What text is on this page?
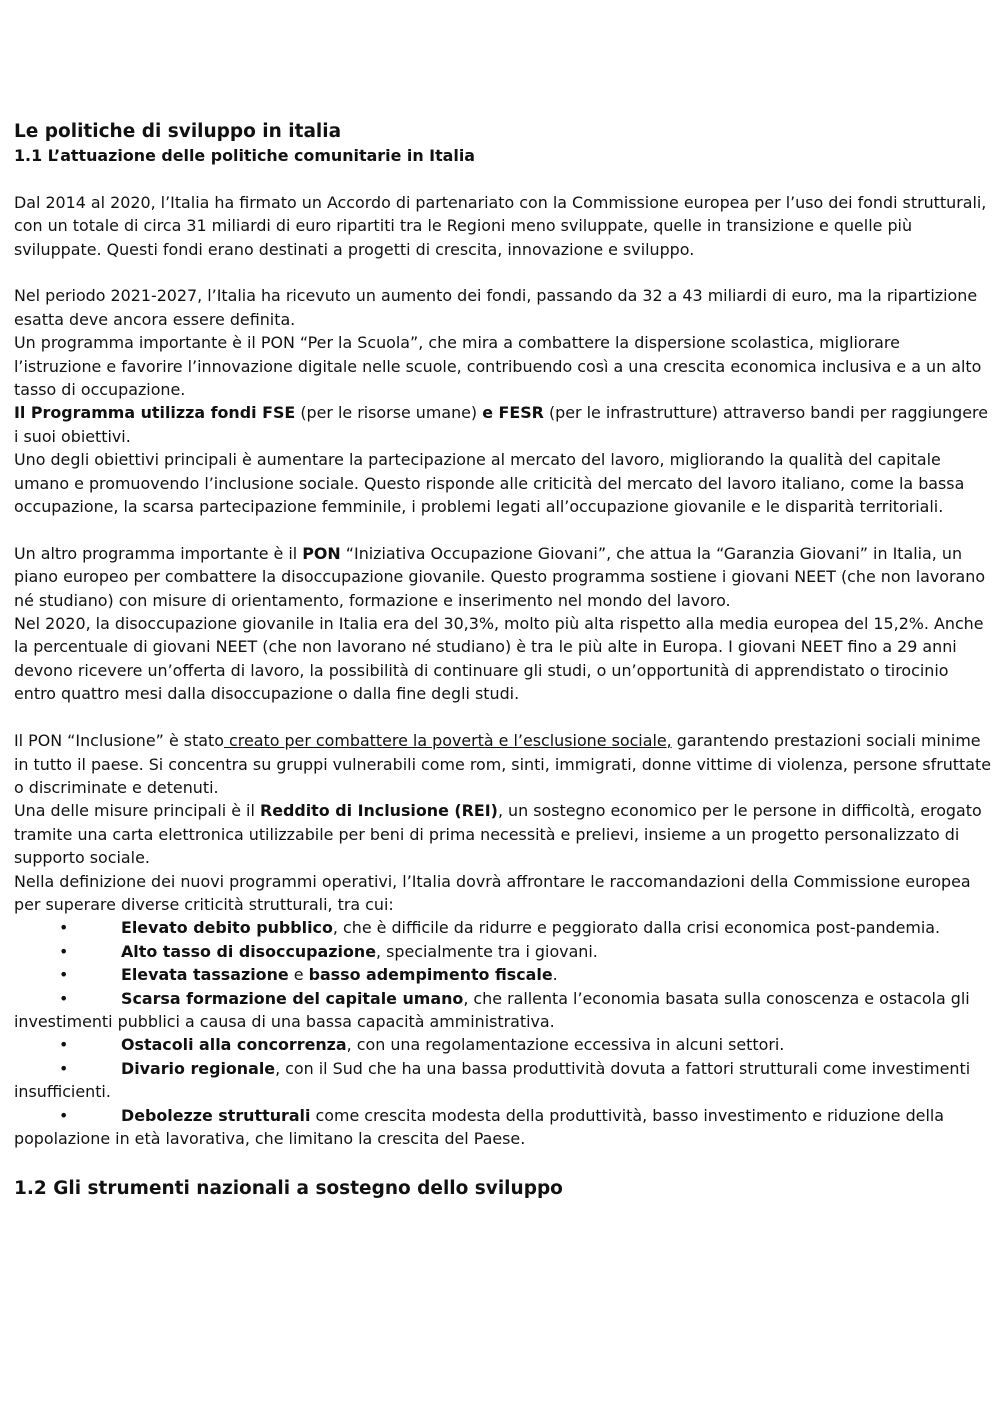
Le politiche di sviluppo in italia
1.1 L’attuazione delle politiche comunitarie in Italia

Dal 2014 al 2020, l’Italia ha firmato un Accordo di partenariato con la Commissione europea per l’uso dei fondi strutturali, con un totale di circa 31 miliardi di euro ripartiti tra le Regioni meno sviluppate, quelle in transizione e quelle più sviluppate. Questi fondi erano destinati a progetti di crescita, innovazione e sviluppo.

Nel periodo 2021-2027, l’Italia ha ricevuto un aumento dei fondi, passando da 32 a 43 miliardi di euro, ma la ripartizione esatta deve ancora essere definita.

Un programma importante è il PON “Per la Scuola”, che mira a combattere la dispersione scolastica, migliorare l’istruzione e favorire l’innovazione digitale nelle scuole, contribuendo così a una crescita economica inclusiva e a un alto tasso di occupazione.

Il Programma utilizza fondi FSE (per le risorse umane) e FESR (per le infrastrutture) attraverso bandi per raggiungere i suoi obiettivi.

Uno degli obiettivi principali è aumentare la partecipazione al mercato del lavoro, migliorando la qualità del capitale umano e promuovendo l’inclusione sociale. Questo risponde alle criticità del mercato del lavoro italiano, come la bassa occupazione, la scarsa partecipazione femminile, i problemi legati all’occupazione giovanile e le disparità territoriali.

Un altro programma importante è il PON “Iniziativa Occupazione Giovani”, che attua la “Garanzia Giovani” in Italia, un piano europeo per combattere la disoccupazione giovanile. Questo programma sostiene i giovani NEET (che non lavorano né studiano) con misure di orientamento, formazione e inserimento nel mondo del lavoro.

Nel 2020, la disoccupazione giovanile in Italia era del 30,3%, molto più alta rispetto alla media europea del 15,2%. Anche la percentuale di giovani NEET (che non lavorano né studiano) è tra le più alte in Europa. I giovani NEET fino a 29 anni devono ricevere un’offerta di lavoro, la possibilità di continuare gli studi, o un’opportunità di apprendistato o tirocinio entro quattro mesi dalla disoccupazione o dalla fine degli studi.

Il PON “Inclusione” è stato creato per combattere la povertà e l’esclusione sociale, garantendo prestazioni sociali minime in tutto il paese. Si concentra su gruppi vulnerabili come rom, sinti, immigrati, donne vittime di violenza, persone sfruttate o discriminate e detenuti.

Una delle misure principali è il Reddito di Inclusione (REI), un sostegno economico per le persone in difficoltà, erogato tramite una carta elettronica utilizzabile per beni di prima necessità e prelievi, insieme a un progetto personalizzato di supporto sociale.

Nella definizione dei nuovi programmi operativi, l’Italia dovrà affrontare le raccomandazioni della Commissione europea per superare diverse criticità strutturali, tra cui:

•	Elevato debito pubblico, che è difficile da ridurre e peggiorato dalla crisi economica post-pandemia.
•	Alto tasso di disoccupazione, specialmente tra i giovani.
•	Elevata tassazione e basso adempimento fiscale.
•	Scarsa formazione del capitale umano, che rallenta l’economia basata sulla conoscenza e ostacola gli investimenti pubblici a causa di una bassa capacità amministrativa.
•	Ostacoli alla concorrenza, con una regolamentazione eccessiva in alcuni settori.
•	Divario regionale, con il Sud che ha una bassa produttività dovuta a fattori strutturali come investimenti insufficienti.
•	Debolezze strutturali come crescita modesta della produttività, basso investimento e riduzione della popolazione in età lavorativa, che limitano la crescita del Paese.
1.2 Gli strumenti nazionali a sostegno dello sviluppo
